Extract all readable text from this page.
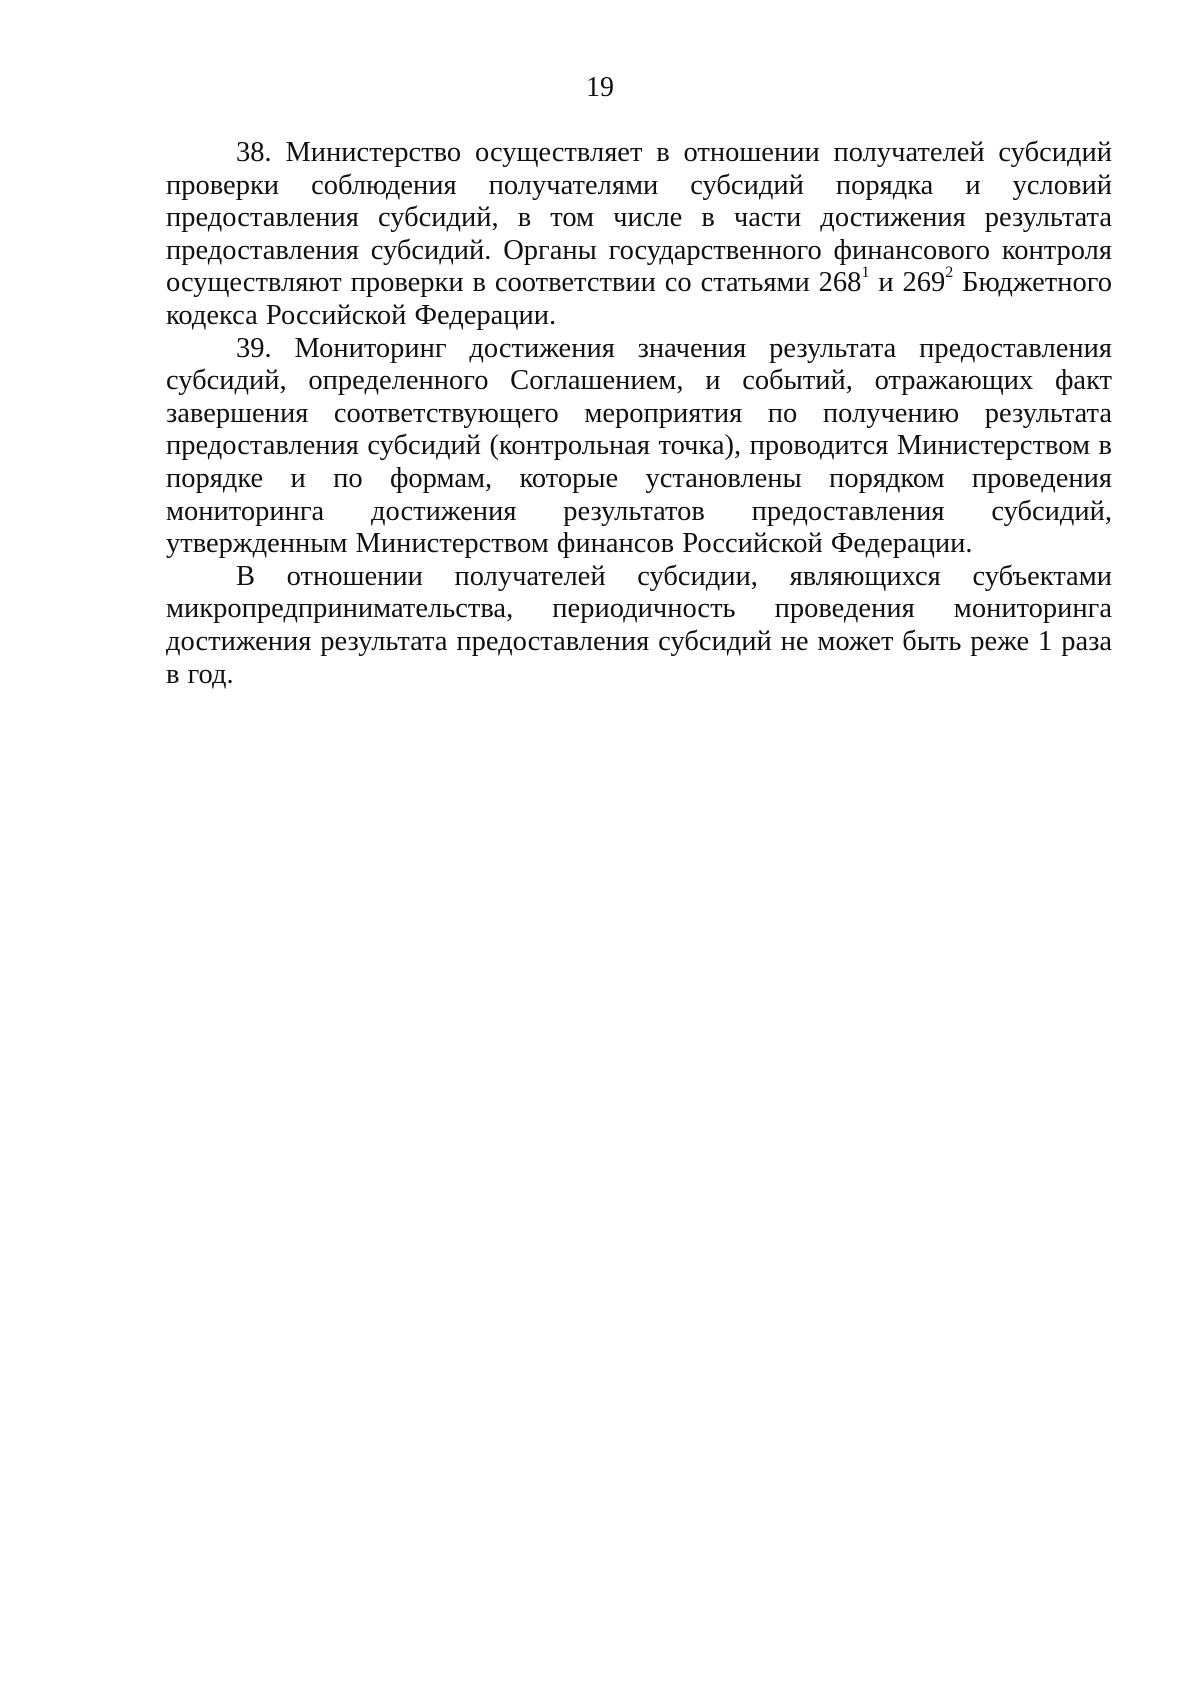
19

38. Министерство осуществляет в отношении получателей субсидий проверки соблюдения получателями субсидий порядка и условий предоставления субсидий, в том числе в части достижения результата предоставления субсидий. Органы государственного финансового контроля осуществляют проверки в соответствии со статьями $268^1$ и $269^2$ Бюджетного кодекса Российской Федерации.

39. Мониторинг достижения значения результата предоставления субсидий, определенного Соглашением, и событий, отражающих факт завершения соответствующего мероприятия по получению результата предоставления субсидий (контрольная точка), проводится Министерством в порядке и по формам, которые установлены порядком проведения мониторинга достижения результатов предоставления субсидий, утвержденным Министерством финансов Российской Федерации.

В отношении получателей субсидии, являющихся субъектами микропредпринимательства, периодичность проведения мониторинга достижения результата предоставления субсидий не может быть реже 1 раза в год.
